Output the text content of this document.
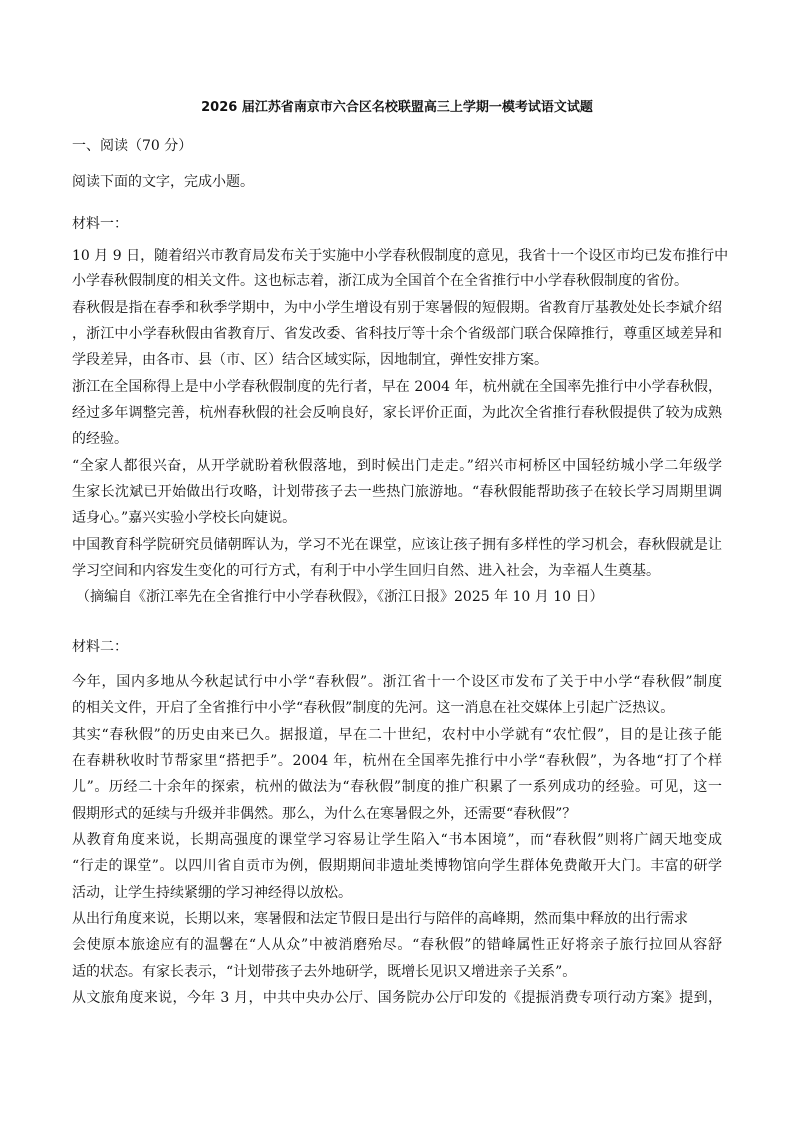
2026 届江苏省南京市六合区名校联盟高三上学期一模考试语文试题
一、阅读（70 分）
阅读下面的文字，完成小题。
材料一：
10 月 9 日，随着绍兴市教育局发布关于实施中小学春秋假制度的意见，我省十一个设区市均已发布推行中
小学春秋假制度的相关文件。这也标志着，浙江成为全国首个在全省推行中小学春秋假制度的省份。
春秋假是指在春季和秋季学期中，为中小学生增设有别于寒暑假的短假期。省教育厅基教处处长李斌介绍
，浙江中小学春秋假由省教育厅、省发改委、省科技厅等十余个省级部门联合保障推行，尊重区域差异和
学段差异，由各市、县（市、区）结合区域实际，因地制宜，弹性安排方案。
浙江在全国称得上是中小学春秋假制度的先行者，早在 2004 年，杭州就在全国率先推行中小学春秋假，
经过多年调整完善，杭州春秋假的社会反响良好，家长评价正面，为此次全省推行春秋假提供了较为成熟
的经验。
“全家人都很兴奋，从开学就盼着秋假落地，到时候出门走走。”绍兴市柯桥区中国轻纺城小学二年级学
生家长沈斌已开始做出行攻略，计划带孩子去一些热门旅游地。“春秋假能帮助孩子在较长学习周期里调
适身心。”嘉兴实验小学校长向婕说。
中国教育科学院研究员储朝晖认为，学习不光在课堂，应该让孩子拥有多样性的学习机会，春秋假就是让
学习空间和内容发生变化的可行方式，有利于中小学生回归自然、进入社会，为幸福人生奠基。
（摘编自《浙江率先在全省推行中小学春秋假》，《浙江日报》2025 年 10 月 10 日）
材料二：
今年，国内多地从今秋起试行中小学“春秋假”。浙江省十一个设区市发布了关于中小学“春秋假”制度
的相关文件，开启了全省推行中小学“春秋假”制度的先河。这一消息在社交媒体上引起广泛热议。
其实“春秋假”的历史由来已久。据报道，早在二十世纪，农村中小学就有“农忙假”，目的是让孩子能
在春耕秋收时节帮家里“搭把手”。2004 年，杭州在全国率先推行中小学“春秋假”，为各地“打了个样
儿”。历经二十余年的探索，杭州的做法为“春秋假”制度的推广积累了一系列成功的经验。可见，这一
假期形式的延续与升级并非偶然。那么，为什么在寒暑假之外，还需要“春秋假”？
从教育角度来说，长期高强度的课堂学习容易让学生陷入“书本困境”，而“春秋假”则将广阔天地变成
“行走的课堂”。以四川省自贡市为例，假期期间非遗址类博物馆向学生群体免费敞开大门。丰富的研学
活动，让学生持续紧绷的学习神经得以放松。
从出行角度来说，长期以来，寒暑假和法定节假日是出行与陪伴的高峰期，然而集中释放的出行需求
会使原本旅途应有的温馨在“人从众”中被消磨殆尽。“春秋假”的错峰属性正好将亲子旅行拉回从容舒
适的状态。有家长表示，“计划带孩子去外地研学，既增长见识又增进亲子关系”。
从文旅角度来说，今年 3 月，中共中央办公厅、国务院办公厅印发的《提振消费专项行动方案》提到，
